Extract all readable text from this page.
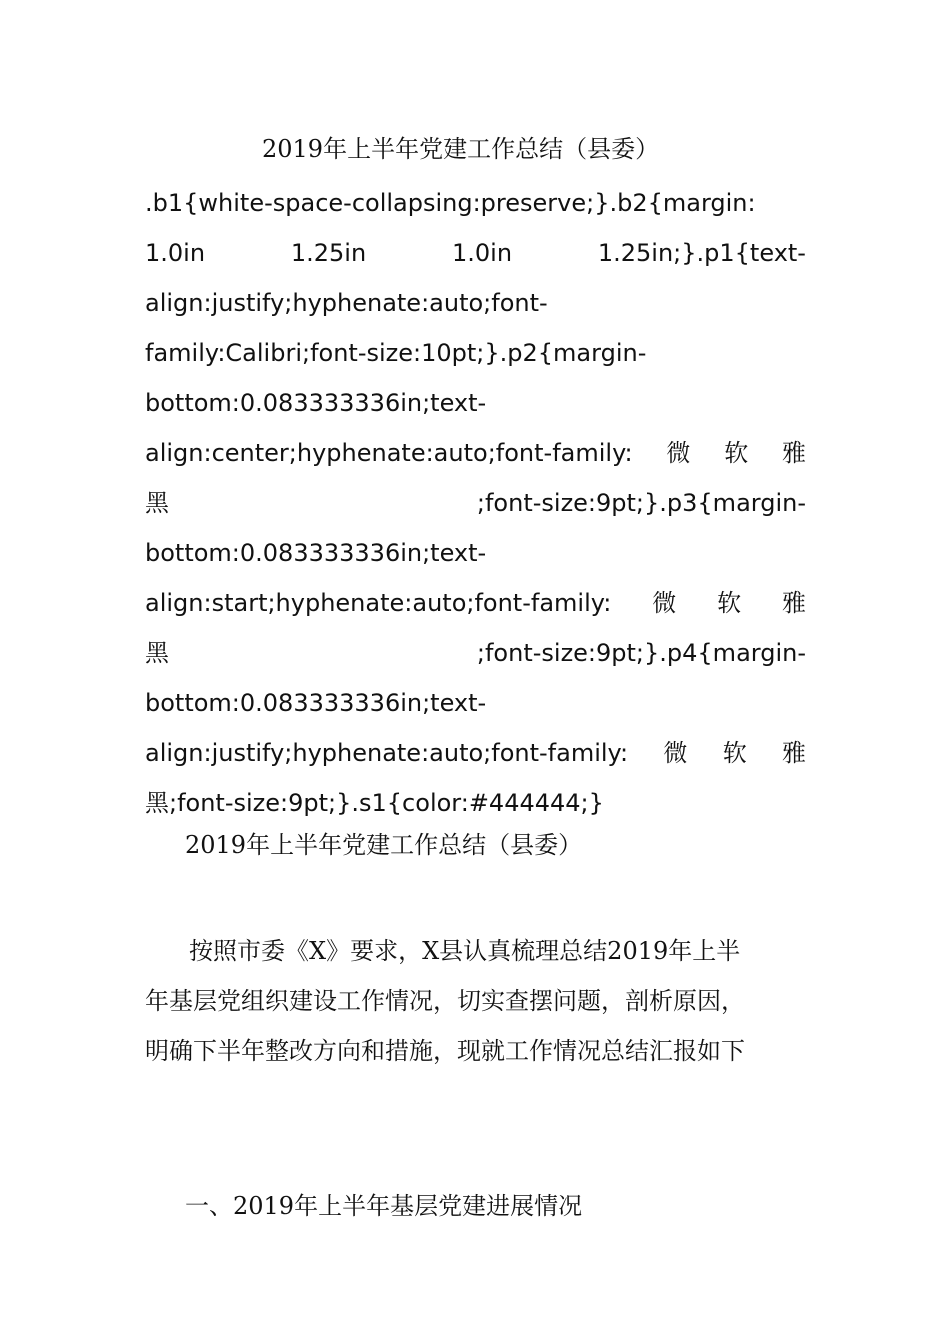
2019年上半年党建工作总结（县委）

.b1{white-space-collapsing:preserve;}.b2{margin:

1.0in	1.25in	1.0in	1.25in;}.p1{text-

align:justify;hyphenate:auto;font-

family:Calibri;font-size:10pt;}.p2{margin-

bottom:0.083333336in;text-

align:center;hyphenate:auto;font-family: 微 软 雅

黑	;font-size:9pt;}.p3{margin-

bottom:0.083333336in;text-

align:start;hyphenate:auto;font-family: 微 软 雅

黑	;font-size:9pt;}.p4{margin-

bottom:0.083333336in;text-

align:justify;hyphenate:auto;font-family: 微 软 雅

黑;font-size:9pt;}.s1{color:#444444;}

2019年上半年党建工作总结（县委）

按照市委《X》要求，X县认真梳理总结2019年上半
年基层党组织建设工作情况，切实查摆问题，剖析原因，
明确下半年整改方向和措施，现就工作情况总结汇报如下

一、2019年上半年基层党建进展情况
